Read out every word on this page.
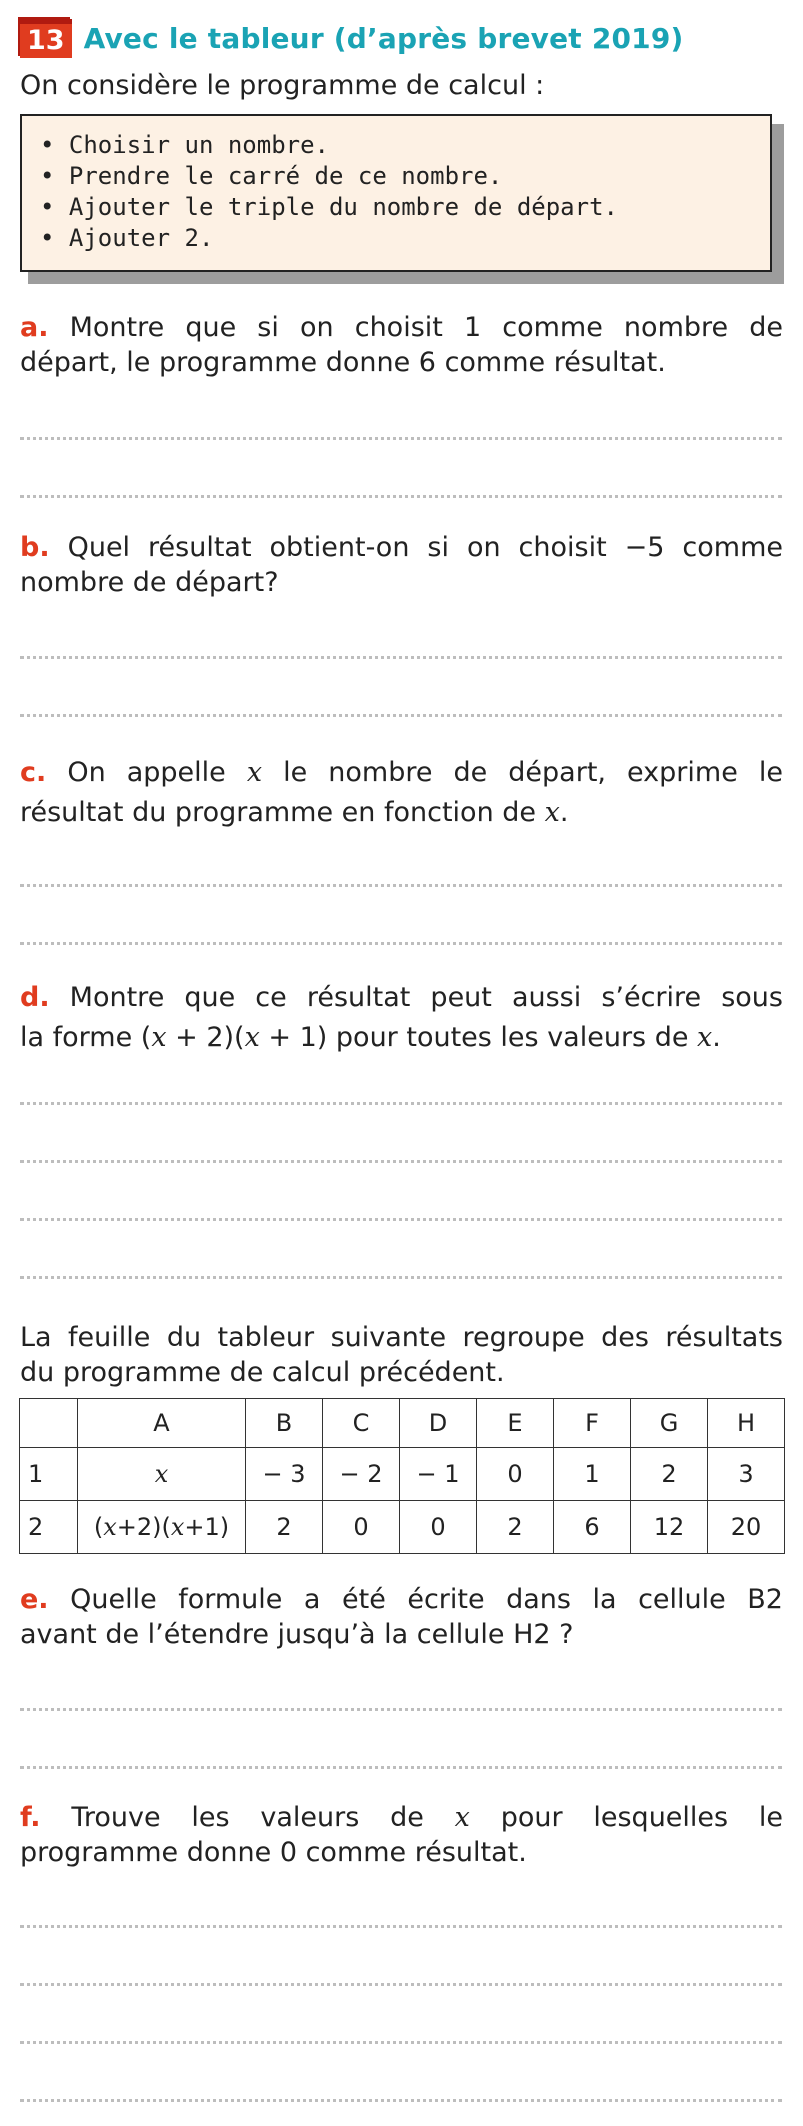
13 Avec le tableur (d’après brevet 2019)
On considère le programme de calcul :
• Choisir un nombre.
• Prendre le carré de ce nombre.
• Ajouter le triple du nombre de départ.
• Ajouter 2.
a. Montre que si on choisit 1 comme nombre de
départ, le programme donne 6 comme résultat.
b. Quel résultat obtient-on si on choisit −5 comme
nombre de départ?
c. On appelle x le nombre de départ, exprime le
résultat du programme en fonction de x.
d. Montre que ce résultat peut aussi s’écrire sous
la forme (x + 2)(x + 1) pour toutes les valeurs de x.
La feuille du tableur suivante regroupe des résultats
du programme de calcul précédent.
	A	B	C	D	E	F	G	H
1	x	− 3	− 2	− 1	0	1	2	3
2	(x+2)(x+1)	2	0	0	2	6	12	20
e. Quelle formule a été écrite dans la cellule B2
avant de l’étendre jusqu’à la cellule H2 ?
f. Trouve les valeurs de x pour lesquelles le
programme donne 0 comme résultat.
